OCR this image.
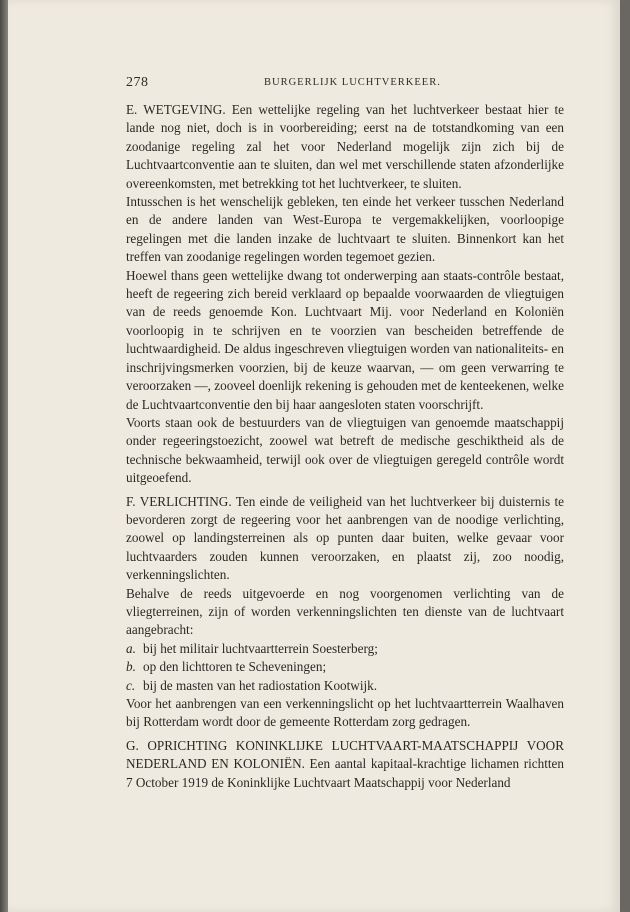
278	BURGERLIJK LUCHTVERKEER.

E. WETGEVING. Een wettelijke regeling van het luchtverkeer bestaat hier te lande nog niet, doch is in voorbereiding; eerst na de totstandkoming van een zoodanige regeling zal het voor Nederland mogelijk zijn zich bij de Luchtvaartconventie aan te sluiten, dan wel met verschillende staten afzonderlijke overeenkomsten, met betrekking tot het luchtverkeer, te sluiten.

Intusschen is het wenschelijk gebleken, ten einde het verkeer tusschen Nederland en de andere landen van West-Europa te vergemakkelijken, voorloopige regelingen met die landen inzake de luchtvaart te sluiten. Binnenkort kan het treffen van zoodanige regelingen worden tegemoet gezien.

Hoewel thans geen wettelijke dwang tot onderwerping aan staats-contrôle bestaat, heeft de regeering zich bereid verklaard op bepaalde voorwaarden de vliegtuigen van de reeds genoemde Kon. Luchtvaart Mij. voor Nederland en Koloniën voorloopig in te schrijven en te voorzien van bescheiden betreffende de luchtwaardigheid. De aldus ingeschreven vliegtuigen worden van nationaliteits- en inschrijvingsmerken voorzien, bij de keuze waarvan, — om geen verwarring te veroorzaken —, zooveel doenlijk rekening is gehouden met de kenteekenen, welke de Luchtvaartconventie den bij haar aangesloten staten voorschrijft.

Voorts staan ook de bestuurders van de vliegtuigen van genoemde maatschappij onder regeeringstoezicht, zoowel wat betreft de medische geschiktheid als de technische bekwaamheid, terwijl ook over de vliegtuigen geregeld contrôle wordt uitgeoefend.

F. VERLICHTING. Ten einde de veiligheid van het luchtverkeer bij duisternis te bevorderen zorgt de regeering voor het aanbrengen van de noodige verlichting, zoowel op landingsterreinen als op punten daar buiten, welke gevaar voor luchtvaarders zouden kunnen veroorzaken, en plaatst zij, zoo noodig, verkenningslichten.

Behalve de reeds uitgevoerde en nog voorgenomen verlichting van de vliegterreinen, zijn of worden verkenningslichten ten dienste van de luchtvaart aangebracht:

a. bij het militair luchtvaartterrein Soesterberg;

b. op den lichttoren te Scheveningen;

c. bij de masten van het radiostation Kootwijk.

Voor het aanbrengen van een verkenningslicht op het luchtvaartterrein Waalhaven bij Rotterdam wordt door de gemeente Rotterdam zorg gedragen.

G. OPRICHTING KONINKLIJKE LUCHTVAART-MAATSCHAPPIJ VOOR NEDERLAND EN KOLONIËN. Een aantal kapitaal-krachtige lichamen richtten 7 October 1919 de Koninklijke Luchtvaart Maatschappij voor Nederland
